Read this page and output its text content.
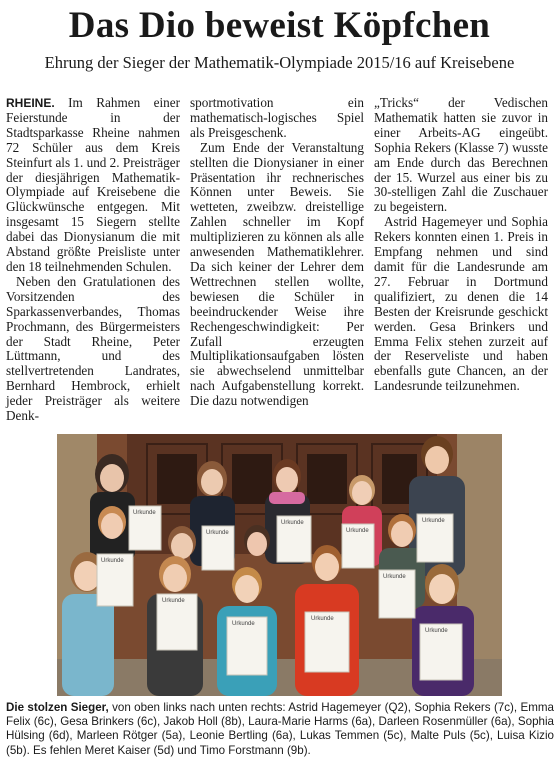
Das Dio beweist Köpfchen
Ehrung der Sieger der Mathematik-Olympiade 2015/16 auf Kreisebene

RHEINE. Im Rahmen einer Feierstunde in der Stadtsparkasse Rheine nahmen 72 Schüler aus dem Kreis Steinfurt als 1. und 2. Preisträger der diesjährigen Mathematik-Olympiade auf Kreisebene die Glückwünsche entgegen. Mit insgesamt 15 Siegern stellte dabei das Dionysianum die mit Abstand größte Preisliste unter den 18 teilnehmenden Schulen.

Neben den Gratulationen des Vorsitzenden des Sparkassenverbandes, Thomas Prochmann, des Bürgermeisters der Stadt Rheine, Peter Lüttmann, und des stellvertretenden Landrates, Bernhard Hembrock, erhielt jeder Preisträger als weitere Denk-

sportmotivation ein mathematisch-logisches Spiel als Preisgeschenk.

Zum Ende der Veranstaltung stellten die Dionysianer in einer Präsentation ihr rechnerisches Können unter Beweis. Sie wetteten, zweibzw. dreistellige Zahlen schneller im Kopf multiplizieren zu können als alle anwesenden Mathematiklehrer. Da sich keiner der Lehrer dem Wettrechnen stellen wollte, bewiesen die Schüler in beeindruckender Weise ihre Rechengeschwindigkeit: Per Zufall erzeugten Multiplikationsaufgaben lösten sie abwechselend unmittelbar nach Aufgabenstellung korrekt. Die dazu notwendigen

„Tricks“ der Vedischen Mathematik hatten sie zuvor in einer Arbeits-AG eingeübt. Sophia Rekers (Klasse 7) wusste am Ende durch das Berechnen der 15. Wurzel aus einer bis zu 30-stelligen Zahl die Zuschauer zu begeistern.

Astrid Hagemeyer und Sophia Rekers konnten einen 1. Preis in Empfang nehmen und sind damit für die Landesrunde am 27. Februar in Dortmund qualifiziert, zu denen die 14 Besten der Kreisrunde geschickt werden. Gesa Brinkers und Emma Felix stehen zurzeit auf der Reserveliste und haben ebenfalls gute Chancen, an der Landesrunde teilzunehmen.

Urkunde
Urkunde
Urkunde
Urkunde
Urkunde
Urkunde
Urkunde
Urkunde
Urkunde
Urkunde
Urkunde
Die stolzen Sieger, von oben links nach unten rechts: Astrid Hagemeyer (Q2), Sophia Rekers (7c), Emma Felix (6c), Gesa Brinkers (6c), Jakob Holl (8b), Laura-Marie Harms (6a), Darleen Rosenmüller (6a), Sophia Hülsing (6d), Marleen Rötger (5a), Leonie Bertling (6a), Lukas Temmen (5c), Malte Puls (5c), Luisa Kizio (5b). Es fehlen Meret Kaiser (5d) und Timo Forstmann (9b).
